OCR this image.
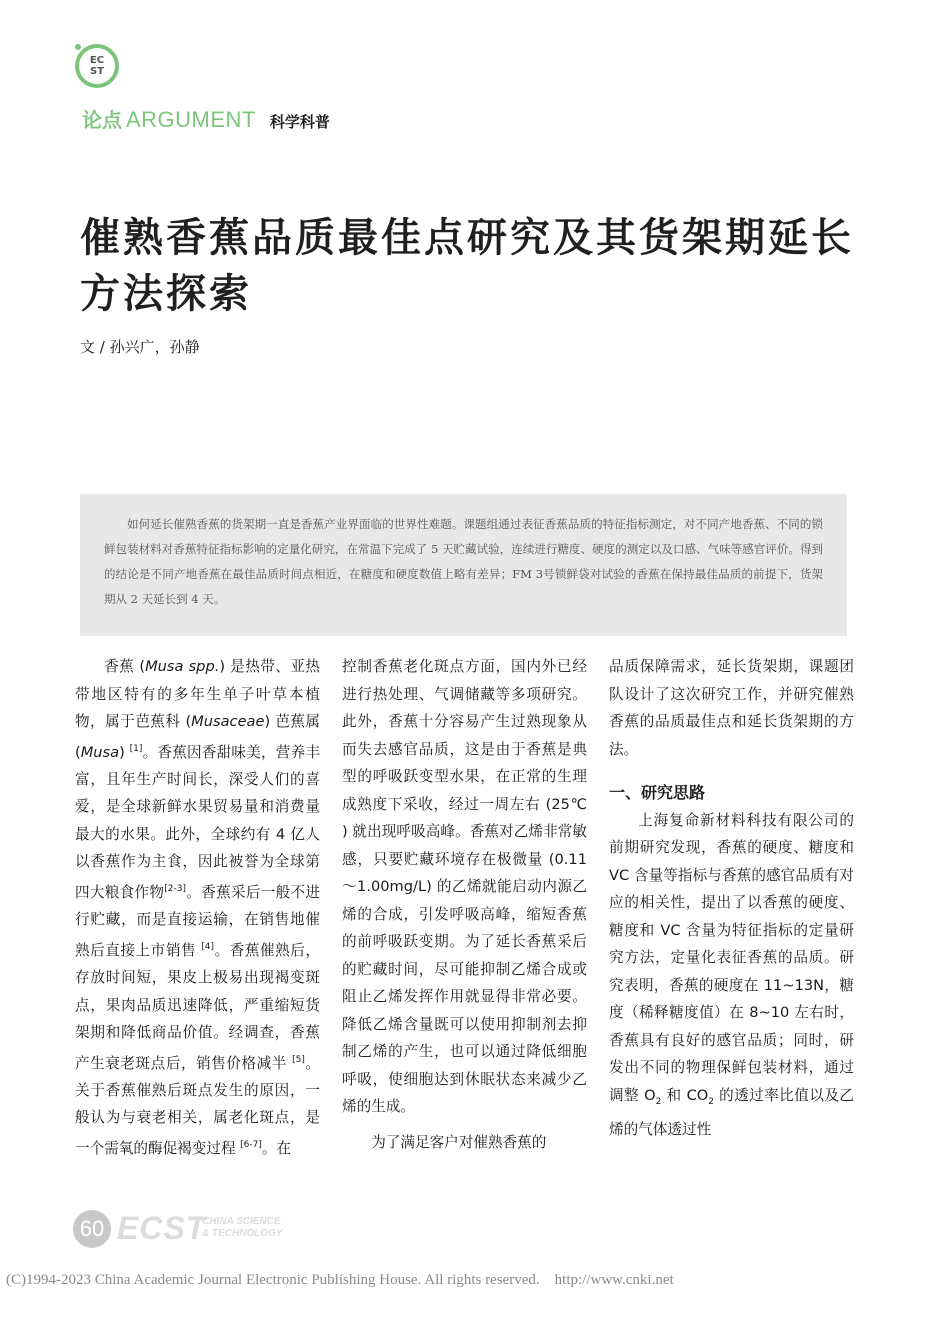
EC
ST
论点 ARGUMENT 科学科普
催熟香蕉品质最佳点研究及其货架期延长方法探索
文 / 孙兴广，孙静

如何延长催熟香蕉的货架期一直是香蕉产业界面临的世界性难题。课题组通过表征香蕉品质的特征指标测定，对不同产地香蕉、不同的锁鲜包装材料对香蕉特征指标影响的定量化研究，在常温下完成了 5 天贮藏试验，连续进行糖度、硬度的测定以及口感、气味等感官评价。得到的结论是不同产地香蕉在最佳品质时间点相近，在糖度和硬度数值上略有差异；FM 3号锁鲜袋对试验的香蕉在保持最佳品质的前提下，货架期从 2 天延长到 4 天。

香蕉 (Musa spp.) 是热带、亚热带地区特有的多年生单子叶草本植物，属于芭蕉科 (Musaceae) 芭蕉属 (Musa) [1]。香蕉因香甜味美，营养丰富，且年生产时间长，深受人们的喜爱，是全球新鲜水果贸易量和消费量最大的水果。此外，全球约有 4 亿人以香蕉作为主食，因此被誉为全球第四大粮食作物[2-3]。香蕉采后一般不进行贮藏，而是直接运输，在销售地催熟后直接上市销售 [4]。香蕉催熟后，存放时间短，果皮上极易出现褐变斑点，果肉品质迅速降低，严重缩短货架期和降低商品价值。经调查，香蕉产生衰老斑点后，销售价格减半 [5]。关于香蕉催熟后斑点发生的原因，一般认为与衰老相关，属老化斑点，是一个需氧的酶促褐变过程 [6-7]。在

控制香蕉老化斑点方面，国内外已经进行热处理、气调储藏等多项研究。此外，香蕉十分容易产生过熟现象从而失去感官品质，这是由于香蕉是典型的呼吸跃变型水果，在正常的生理成熟度下采收，经过一周左右 (25℃ ) 就出现呼吸高峰。香蕉对乙烯非常敏感，只要贮藏环境存在极微量 (0.11～1.00mg/L) 的乙烯就能启动内源乙烯的合成，引发呼吸高峰，缩短香蕉的前呼吸跃变期。为了延长香蕉采后的贮藏时间，尽可能抑制乙烯合成或阻止乙烯发挥作用就显得非常必要。降低乙烯含量既可以使用抑制剂去抑制乙烯的产生，也可以通过降低细胞呼吸，使细胞达到休眠状态来减少乙烯的生成。

为了满足客户对催熟香蕉的

品质保障需求，延长货架期，课题团队设计了这次研究工作，并研究催熟香蕉的品质最佳点和延长货架期的方法。

一、研究思路

上海复命新材料科技有限公司的前期研究发现，香蕉的硬度、糖度和 VC 含量等指标与香蕉的感官品质有对应的相关性，提出了以香蕉的硬度、糖度和 VC 含量为特征指标的定量研究方法，定量化表征香蕉的品质。研究表明，香蕉的硬度在 11~13N，糖度（稀释糖度值）在 8~10 左右时，香蕉具有良好的感官品质；同时，研发出不同的物理保鲜包装材料，通过调整 $O_2$ 和 $CO_2$ 的透过率比值以及乙烯的气体透过性

60 ECST
CHINA SCIENCE
& TECHNOLOGY
(C)1994-2023 China Academic Journal Electronic Publishing House. All rights reserved.    http://www.cnki.net
